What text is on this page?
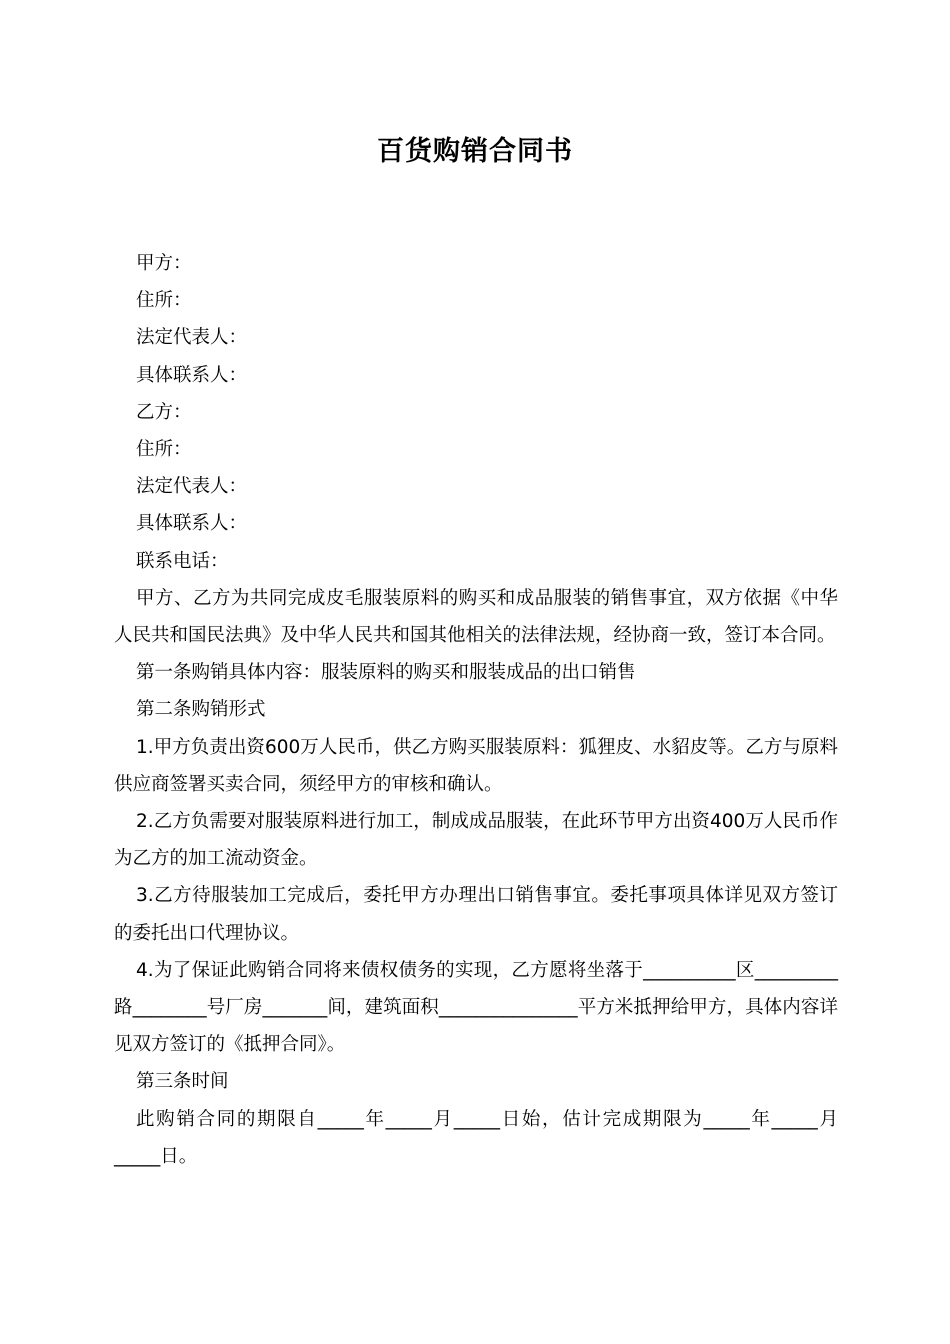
百货购销合同书
甲方：
住所：
法定代表人：
具体联系人：
乙方：
住所：
法定代表人：
具体联系人：
联系电话：

甲方、乙方为共同完成皮毛服装原料的购买和成品服装的销售事宜，双方依据《中华人民共和国民法典》及中华人民共和国其他相关的法律法规，经协商一致，签订本合同。

第一条购销具体内容：服装原料的购买和服装成品的出口销售

第二条购销形式

1.甲方负责出资600万人民币，供乙方购买服装原料：狐狸皮、水貂皮等。乙方与原料供应商签署买卖合同，须经甲方的审核和确认。

2.乙方负需要对服装原料进行加工，制成成品服装，在此环节甲方出资400万人民币作为乙方的加工流动资金。

3.乙方待服装加工完成后，委托甲方办理出口销售事宜。委托事项具体详见双方签订的委托出口代理协议。

4.为了保证此购销合同将来债权债务的实现，乙方愿将坐落于__________区_________路________号厂房_______间，建筑面积_______________平方米抵押给甲方，具体内容详见双方签订的《抵押合同》。

第三条时间

此购销合同的期限自_____年_____月_____日始，估计完成期限为_____年_____月_____日。
